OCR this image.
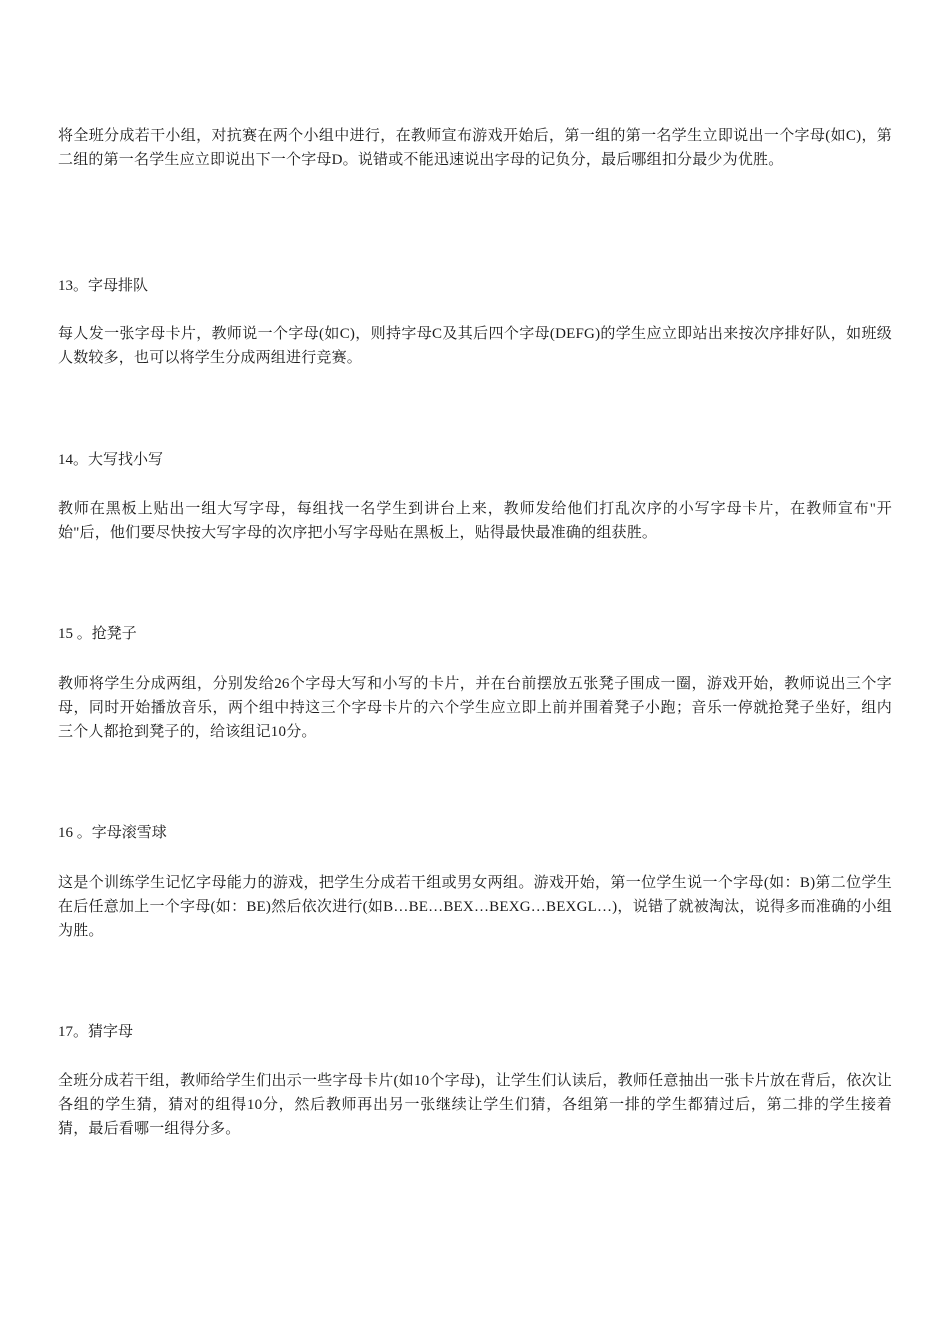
将全班分成若干小组，对抗赛在两个小组中进行，在教师宣布游戏开始后，第一组的第一名学生立即说出一个字母(如C)，第二组的第一名学生应立即说出下一个字母D。说错或不能迅速说出字母的记负分，最后哪组扣分最少为优胜。

13。字母排队

每人发一张字母卡片，教师说一个字母(如C)，则持字母C及其后四个字母(DEFG)的学生应立即站出来按次序排好队，如班级人数较多，也可以将学生分成两组进行竞赛。

14。大写找小写

教师在黑板上贴出一组大写字母，每组找一名学生到讲台上来，教师发给他们打乱次序的小写字母卡片，在教师宣布"开始"后，他们要尽快按大写字母的次序把小写字母贴在黑板上，贴得最快最准确的组获胜。

15 。抢凳子

教师将学生分成两组，分别发给26个字母大写和小写的卡片，并在台前摆放五张凳子围成一圈，游戏开始，教师说出三个字母，同时开始播放音乐，两个组中持这三个字母卡片的六个学生应立即上前并围着凳子小跑；音乐一停就抢凳子坐好，组内三个人都抢到凳子的，给该组记10分。

16 。字母滚雪球

这是个训练学生记忆字母能力的游戏，把学生分成若干组或男女两组。游戏开始，第一位学生说一个字母(如：B)第二位学生在后任意加上一个字母(如：BE)然后依次进行(如B…BE…BEX…BEXG…BEXGL…)，说错了就被淘汰，说得多而准确的小组为胜。

17。猜字母

全班分成若干组，教师给学生们出示一些字母卡片(如10个字母)，让学生们认读后，教师任意抽出一张卡片放在背后，依次让各组的学生猜，猜对的组得10分，然后教师再出另一张继续让学生们猜，各组第一排的学生都猜过后，第二排的学生接着猜，最后看哪一组得分多。
